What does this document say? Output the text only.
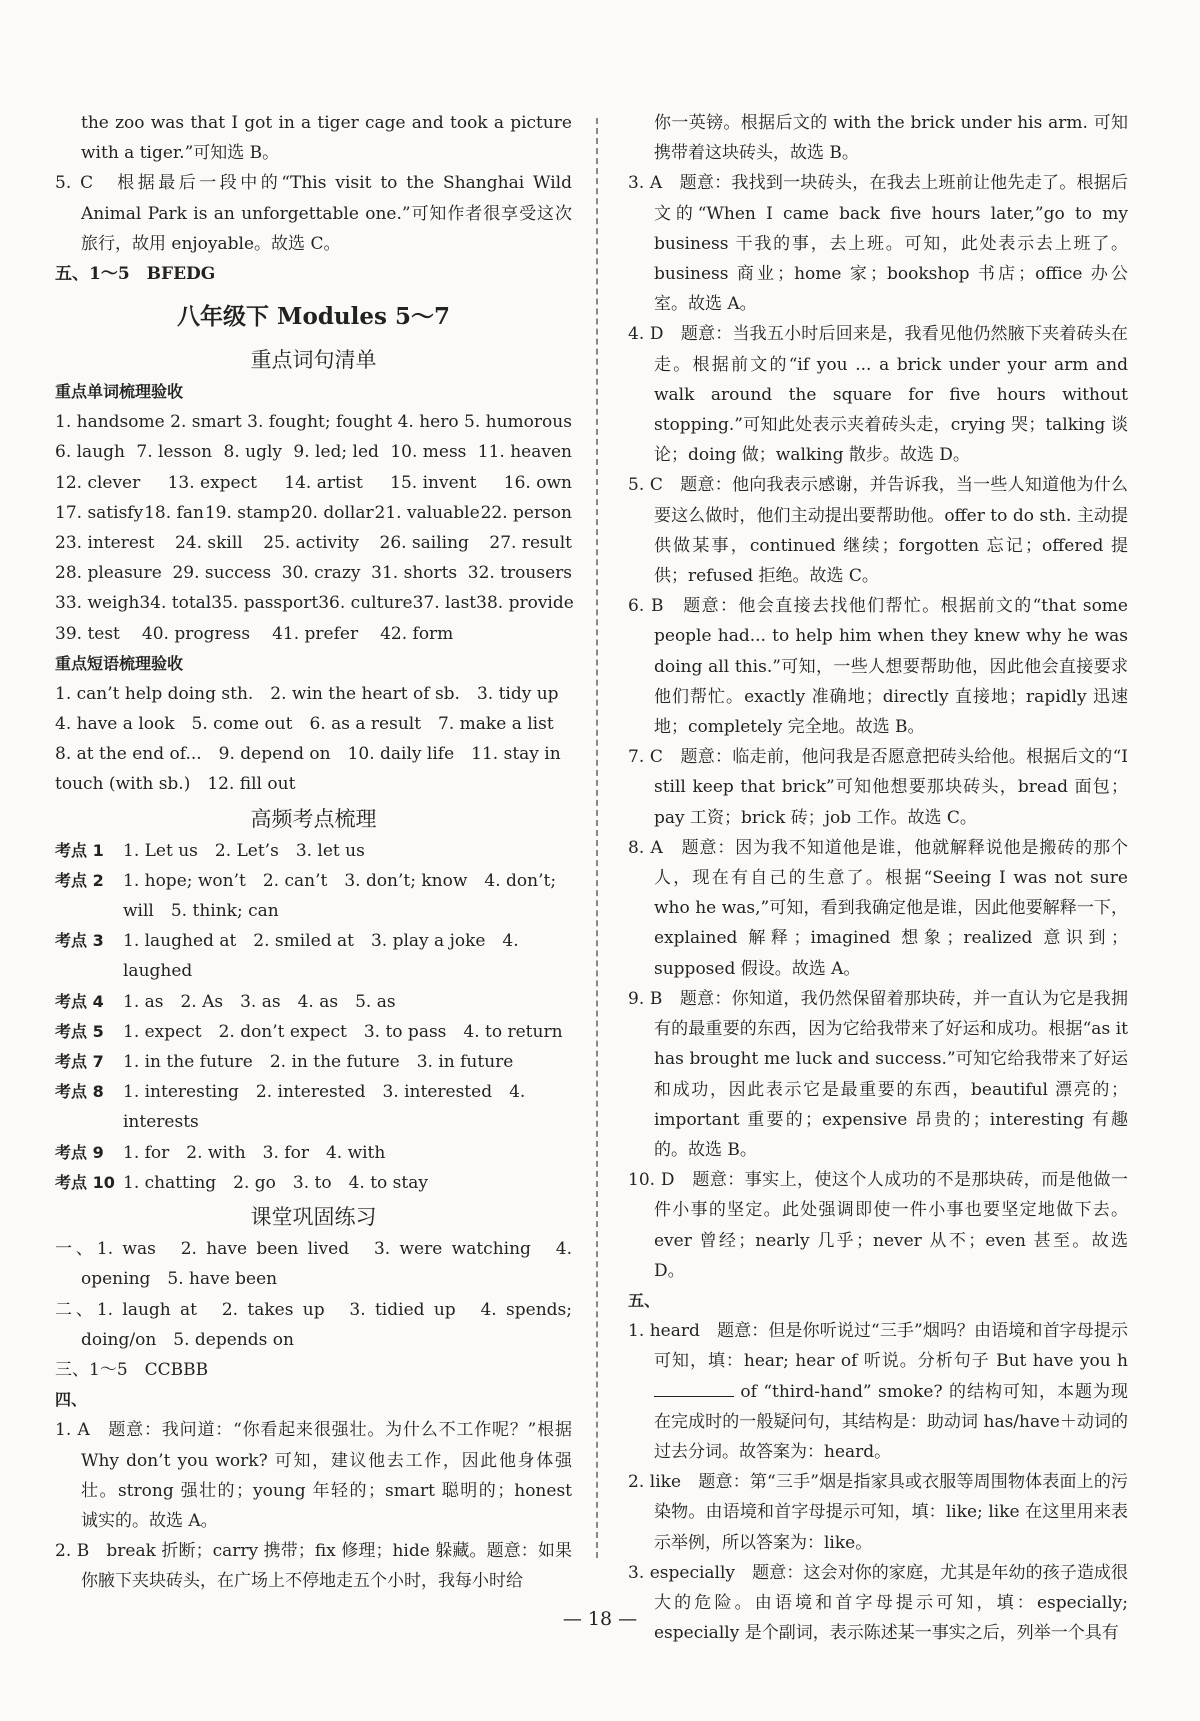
the zoo was that I got in a tiger cage and took a picture with a tiger.”可知选 B。

5. C　根据最后一段中的“This visit to the Shanghai Wild Animal Park is an unforgettable one.”可知作者很享受这次旅行，故用 enjoyable。故选 C。

五、1～5　BFEDG

八年级下 Modules 5～7
重点词句清单
重点单词梳理验收
1. handsome 2. smart 3. fought; fought 4. hero 5. humorous
6. laugh 7. lesson 8. ugly 9. led; led 10. mess 11. heaven
12. clever 13. expect 14. artist 15. invent 16. own
17. satisfy 18. fan 19. stamp 20. dollar 21. valuable 22. person
23. interest 24. skill 25. activity 26. sailing 27. result
28. pleasure 29. success 30. crazy 31. shorts 32. trousers
33. weigh 34. total 35. passport 36. culture 37. last 38. provide
39. test 40. progress 41. prefer 42. form
重点短语梳理验收

1. can’t help doing sth.　2. win the heart of sb.　3. tidy up

4. have a look　5. come out　6. as a result　7. make a list

8. at the end of...　9. depend on　10. daily life　11. stay in

touch (with sb.)　12. fill out

高频考点梳理
考点 1	1. Let us　2. Let’s　3. let us
考点 2	1. hope; won’t　2. can’t　3. don’t; know　4. don’t; will　5. think; can
考点 3	1. laughed at　2. smiled at　3. play a joke　4. laughed
考点 4	1. as　2. As　3. as　4. as　5. as
考点 5	1. expect　2. don’t expect　3. to pass　4. to return
考点 7	1. in the future　2. in the future　3. in future
考点 8	1. interesting　2. interested　3. interested　4. interests
考点 9	1. for　2. with　3. for　4. with
考点 10 1. chatting　2. go　3. to　4. to stay
课堂巩固练习

一、1. was　2. have been lived　3. were watching　4. opening　5. have been

二、1. laugh at　2. takes up　3. tidied up　4. spends; doing/on　5. depends on

三、1～5　CCBBB

四、

1. A　题意：我问道：“你看起来很强壮。为什么不工作呢？”根据 Why don’t you work? 可知，建议他去工作，因此他身体强壮。strong 强壮的；young 年轻的；smart 聪明的；honest 诚实的。故选 A。

2. B　break 折断；carry 携带；fix 修理；hide 躲藏。题意：如果你腋下夹块砖头，在广场上不停地走五个小时，我每小时给

你一英镑。根据后文的 with the brick under his arm. 可知携带着这块砖头，故选 B。

3. A　题意：我找到一块砖头，在我去上班前让他先走了。根据后文的“When I came back five hours later,”go to my business 干我的事，去上班。可知，此处表示去上班了。business 商业；home 家；bookshop 书店；office 办公室。故选 A。

4. D　题意：当我五小时后回来是，我看见他仍然腋下夹着砖头在走。根据前文的“if you ... a brick under your arm and walk around the square for five hours without stopping.”可知此处表示夹着砖头走，crying 哭；talking 谈论；doing 做；walking 散步。故选 D。

5. C　题意：他向我表示感谢，并告诉我，当一些人知道他为什么要这么做时，他们主动提出要帮助他。offer to do sth. 主动提供做某事，continued 继续；forgotten 忘记；offered 提供；refused 拒绝。故选 C。

6. B　题意：他会直接去找他们帮忙。根据前文的“that some people had... to help him when they knew why he was doing all this.”可知，一些人想要帮助他，因此他会直接要求他们帮忙。exactly 准确地；directly 直接地；rapidly 迅速地；completely 完全地。故选 B。

7. C　题意：临走前，他问我是否愿意把砖头给他。根据后文的“I still keep that brick”可知他想要那块砖头，bread 面包；pay 工资；brick 砖；job 工作。故选 C。

8. A　题意：因为我不知道他是谁，他就解释说他是搬砖的那个人，现在有自己的生意了。根据“Seeing I was not sure who he was,”可知，看到我确定他是谁，因此他要解释一下，explained 解释；imagined 想象；realized 意识到；supposed 假设。故选 A。

9. B　题意：你知道，我仍然保留着那块砖，并一直认为它是我拥有的最重要的东西，因为它给我带来了好运和成功。根据“as it has brought me luck and success.”可知它给我带来了好运和成功，因此表示它是最重要的东西，beautiful 漂亮的；important 重要的；expensive 昂贵的；interesting 有趣的。故选 B。

10. D　题意：事实上，使这个人成功的不是那块砖，而是他做一件小事的坚定。此处强调即使一件小事也要坚定地做下去。ever 曾经；nearly 几乎；never 从不；even 甚至。故选 D。

五、

1. heard　题意：但是你听说过“三手”烟吗？由语境和首字母提示可知，填：hear; hear of 听说。分析句子 But have you h of “third-hand” smoke? 的结构可知，本题为现在完成时的一般疑问句，其结构是：助动词 has/have＋动词的过去分词。故答案为：heard。

2. like　题意：第“三手”烟是指家具或衣服等周围物体表面上的污染物。由语境和首字母提示可知，填：like; like 在这里用来表示举例，所以答案为：like。

3. especially　题意：这会对你的家庭，尤其是年幼的孩子造成很大的危险。由语境和首字母提示可知，填：especially; especially 是个副词，表示陈述某一事实之后，列举一个具有

— 18 —
